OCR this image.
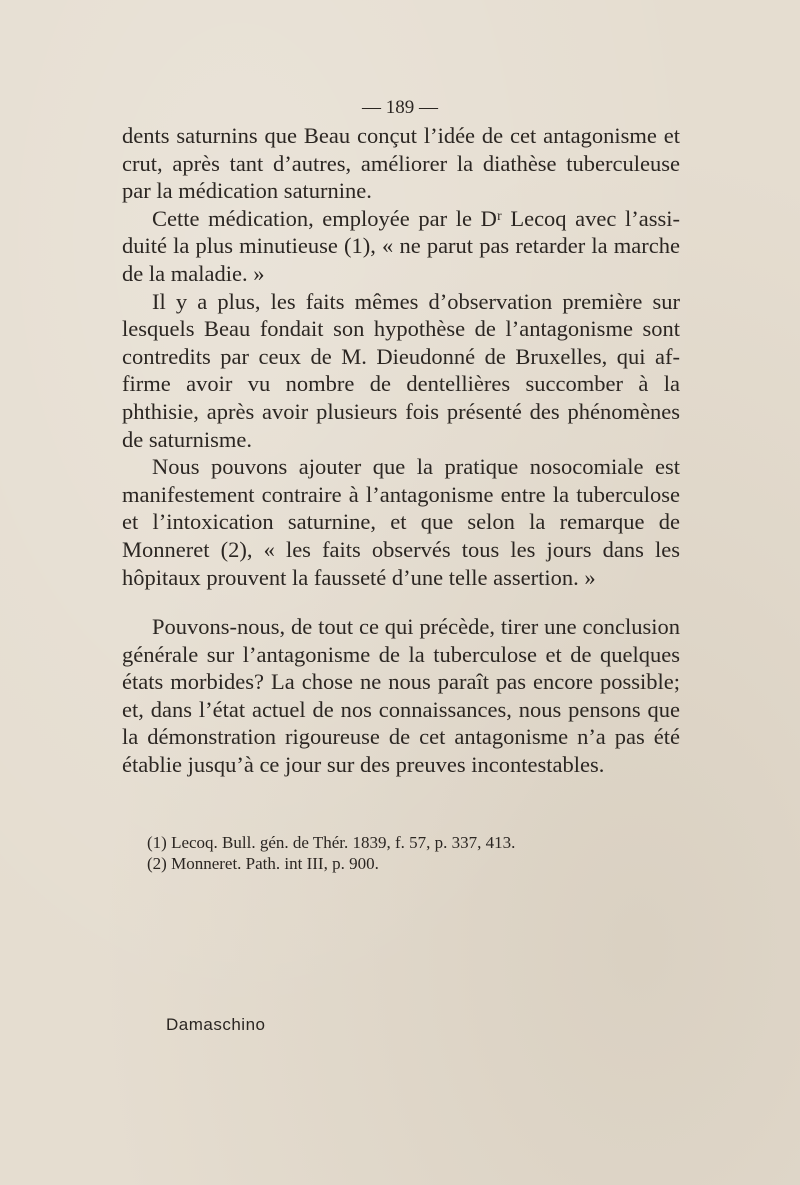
— 189 —

dents saturnins que Beau conçut l’idée de cet antagonisme et crut, après tant d’autres, améliorer la diathèse tuberculeuse par la médication saturnine.

Cette médication, employée par le Dʳ Lecoq avec l’assiduité la plus minutieuse (1), « ne parut pas retarder la marche de la maladie. »

Il y a plus, les faits mêmes d’observation première sur lesquels Beau fondait son hypothèse de l’antagonisme sont contredits par ceux de M. Dieudonné de Bruxelles, qui affirme avoir vu nombre de dentellières succomber à la phthisie, après avoir plusieurs fois présenté des phénomènes de saturnisme.

Nous pouvons ajouter que la pratique nosocomiale est manifestement contraire à l’antagonisme entre la tuberculose et l’intoxication saturnine, et que selon la remarque de Monneret (2), « les faits observés tous les jours dans les hôpitaux prouvent la fausseté d’une telle assertion. »

Pouvons-nous, de tout ce qui précède, tirer une conclusion générale sur l’antagonisme de la tuberculose et de quelques états morbides? La chose ne nous paraît pas encore possible; et, dans l’état actuel de nos connaissances, nous pensons que la démonstration rigoureuse de cet antagonisme n’a pas été établie jusqu’à ce jour sur des preuves incontestables.

(1) Lecoq. Bull. gén. de Thér. 1839, f. 57, p. 337, 413.
(2) Monneret. Path. int III, p. 900.
Damaschino
